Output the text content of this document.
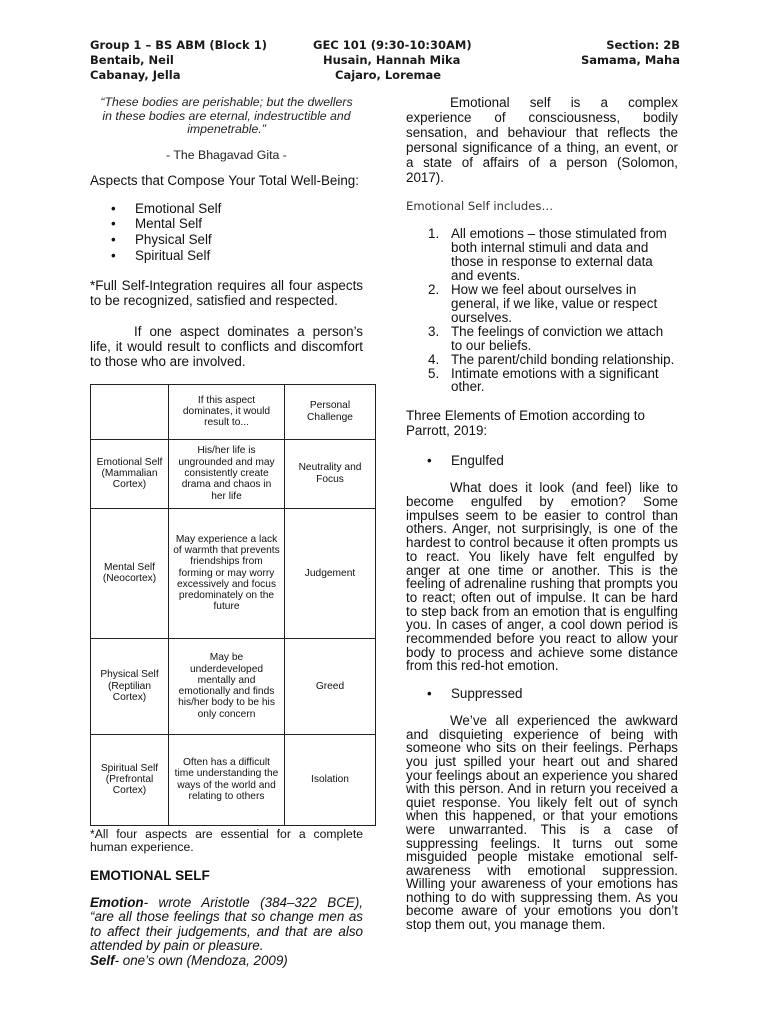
Group 1 – BS ABM (Block 1)
Bentaib, Neil
Cabanay, Jella
GEC 101 (9:30-10:30AM)
Husain, Hannah Mika
Cajaro, Loremae
Section: 2B
Samama, Maha
“These bodies are perishable; but the dwellers in these bodies are eternal, indestructible and impenetrable.”
- The Bhagavad Gita -
Aspects that Compose Your Total Well-Being:
• Emotional Self
• Mental Self
• Physical Self
• Spiritual Self
*Full Self-Integration requires all four aspects to be recognized, satisfied and respected.
If one aspect dominates a person’s life, it would result to conflicts and discomfort to those who are involved.
	If this aspect dominates, it would result to...	Personal Challenge
Emotional Self (Mammalian Cortex)	His/her life is ungrounded and may consistently create drama and chaos in her life	Neutrality and Focus
Mental Self (Neocortex)	May experience a lack of warmth that prevents friendships from forming or may worry excessively and focus predominately on the future	Judgement
Physical Self (Reptilian Cortex)	May be underdeveloped mentally and emotionally and finds his/her body to be his only concern	Greed
Spiritual Self (Prefrontal Cortex)	Often has a difficult time understanding the ways of the world and relating to others	Isolation
*All four aspects are essential for a complete human experience.
EMOTIONAL SELF
Emotion- wrote Aristotle (384–322 BCE), “are all those feelings that so change men as to affect their judgements, and that are also attended by pain or pleasure.
Self- one’s own (Mendoza, 2009)
Emotional self is a complex experience of consciousness, bodily sensation, and behaviour that reflects the personal significance of a thing, an event, or a state of affairs of a person (Solomon, 2017).
Emotional Self includes…
1. All emotions – those stimulated from both internal stimuli and data and those in response to external data and events.
2. How we feel about ourselves in general, if we like, value or respect ourselves.
3. The feelings of conviction we attach to our beliefs.
4. The parent/child bonding relationship.
5. Intimate emotions with a significant other.
Three Elements of Emotion according to Parrott, 2019:
• Engulfed
What does it look (and feel) like to become engulfed by emotion? Some impulses seem to be easier to control than others. Anger, not surprisingly, is one of the hardest to control because it often prompts us to react. You likely have felt engulfed by anger at one time or another. This is the feeling of adrenaline rushing that prompts you to react; often out of impulse. It can be hard to step back from an emotion that is engulfing you. In cases of anger, a cool down period is recommended before you react to allow your body to process and achieve some distance from this red-hot emotion.
• Suppressed
We’ve all experienced the awkward and disquieting experience of being with someone who sits on their feelings. Perhaps you just spilled your heart out and shared your feelings about an experience you shared with this person. And in return you received a quiet response. You likely felt out of synch when this happened, or that your emotions were unwarranted. This is a case of suppressing feelings. It turns out some misguided people mistake emotional self-awareness with emotional suppression. Willing your awareness of your emotions has nothing to do with suppressing them. As you become aware of your emotions you don’t stop them out, you manage them.
